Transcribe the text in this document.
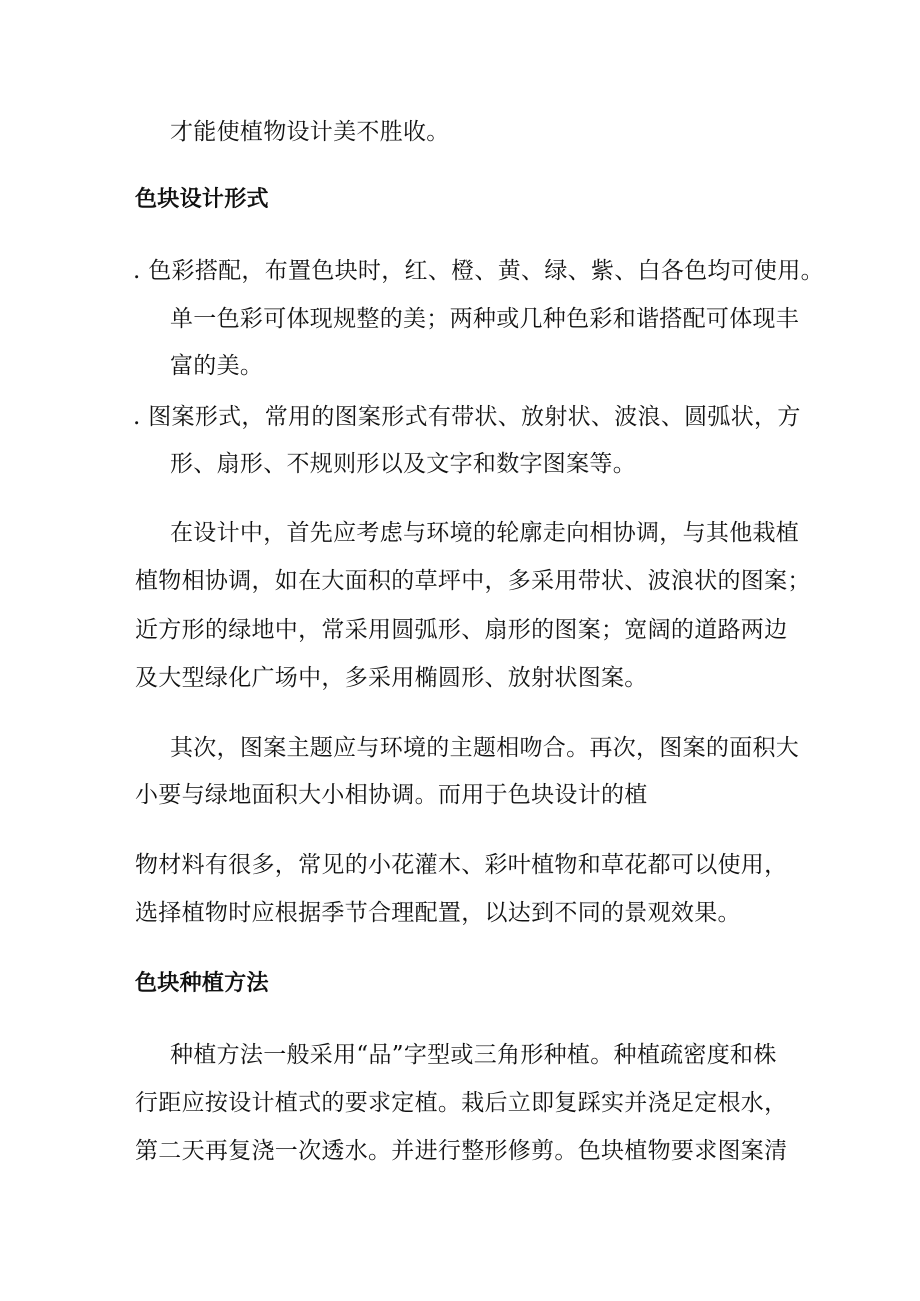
才能使植物设计美不胜收。
色块设计形式
. 色彩搭配，布置色块时，红、橙、黄、绿、紫、白各色均可使用。
单一色彩可体现规整的美；两种或几种色彩和谐搭配可体现丰
富的美。
. 图案形式，常用的图案形式有带状、放射状、波浪、圆弧状，方
形、扇形、不规则形以及文字和数字图案等。
在设计中，首先应考虑与环境的轮廓走向相协调，与其他栽植
植物相协调，如在大面积的草坪中，多采用带状、波浪状的图案；
近方形的绿地中，常采用圆弧形、扇形的图案；宽阔的道路两边
及大型绿化广场中，多采用椭圆形、放射状图案。
其次，图案主题应与环境的主题相吻合。再次，图案的面积大
小要与绿地面积大小相协调。而用于色块设计的植
物材料有很多，常见的小花灌木、彩叶植物和草花都可以使用，
选择植物时应根据季节合理配置，以达到不同的景观效果。
色块种植方法
种植方法一般采用“品”字型或三角形种植。种植疏密度和株
行距应按设计植式的要求定植。栽后立即复踩实并浇足定根水，
第二天再复浇一次透水。并进行整形修剪。色块植物要求图案清
